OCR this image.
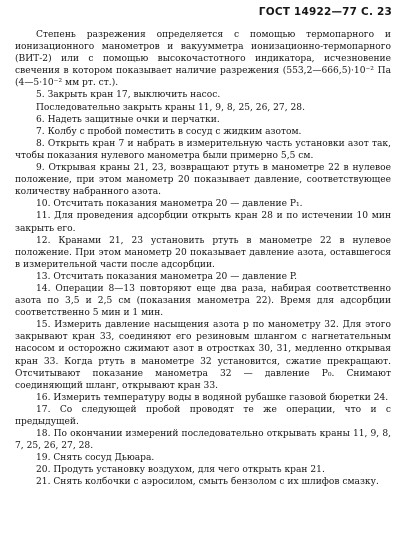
ГОСТ 14922—77 С. 23

Степень разрежения определяется с помощью термопарного и ионизационного манометров и вакуумметра ионизационно-термопарного (ВИТ-2) или с помощью высокочастотного индикатора, исчезновение свечения в котором показывает наличие разрежения (553,2—666,5)·10⁻² Па (4—5·10⁻² мм рт. ст.).

5. Закрыть кран 17, выключить насос.

Последовательно закрыть краны 11, 9, 8, 25, 26, 27, 28.

6. Надеть защитные очки и перчатки.

7. Колбу с пробой поместить в сосуд с жидким азотом.

8. Открыть кран 7 и набрать в измерительную часть установки азот так, чтобы показания нулевого манометра были примерно 5,5 см.

9. Открывая краны 21, 23, возвращают ртуть в манометре 22 в нулевое положение, при этом манометр 20 показывает давление, соответствующее количеству набранного азота.

10. Отсчитать показания манометра 20 — давление P₁.

11. Для проведения адсорбции открыть кран 28 и по истечении 10 мин закрыть его.

12. Кранами 21, 23 установить ртуть в манометре 22 в нулевое положение. При этом манометр 20 показывает давление азота, оставшегося в измерительной части после адсорбции.

13. Отсчитать показания манометра 20 — давление P.

14. Операции 8—13 повторяют еще два раза, набирая соответственно азота по 3,5 и 2,5 см (показания манометра 22). Время для адсорбции соответственно 5 мин и 1 мин.

15. Измерить давление насыщения азота p по манометру 32. Для этого закрывают кран 33, соединяют его резиновым шлангом с нагнетательным насосом и осторожно сжимают азот в отростках 30, 31, медленно открывая кран 33. Когда ртуть в манометре 32 установится, сжатие прекращают. Отсчитывают показание манометра 32 — давление P₀. Снимают соединяющий шланг, открывают кран 33.

16. Измерить температуру воды в водяной рубашке газовой бюретки 24.

17. Со следующей пробой проводят те же операции, что и с предыдущей.

18. По окончании измерений последовательно открывать краны 11, 9, 8, 7, 25, 26, 27, 28.

19. Снять сосуд Дьюара.

20. Продуть установку воздухом, для чего открыть кран 21.

21. Снять колбочки с аэросилом, смыть бензолом с их шлифов смазку.
